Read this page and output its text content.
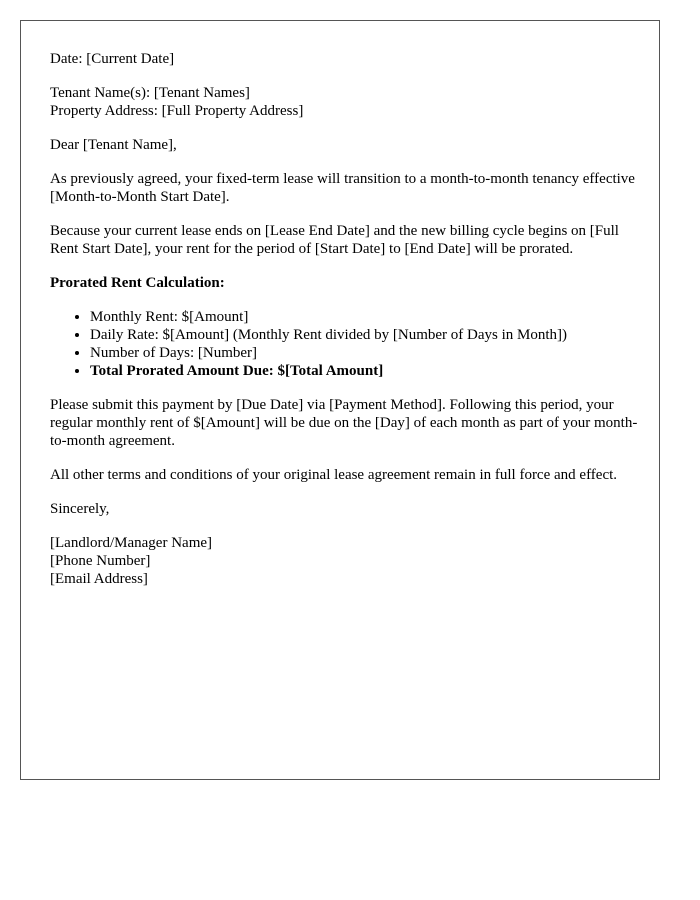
Date: [Current Date]

Tenant Name(s): [Tenant Names]
Property Address: [Full Property Address]

Dear [Tenant Name],

As previously agreed, your fixed-term lease will transition to a month-to-month tenancy effective [Month-to-Month Start Date].

Because your current lease ends on [Lease End Date] and the new billing cycle begins on [Full Rent Start Date], your rent for the period of [Start Date] to [End Date] will be prorated.

Prorated Rent Calculation:

• Monthly Rent: $[Amount]
• Daily Rate: $[Amount] (Monthly Rent divided by [Number of Days in Month])
• Number of Days: [Number]
• Total Prorated Amount Due: $[Total Amount]

Please submit this payment by [Due Date] via [Payment Method]. Following this period, your regular monthly rent of $[Amount] will be due on the [Day] of each month as part of your month-to-month agreement.

All other terms and conditions of your original lease agreement remain in full force and effect.

Sincerely,

[Landlord/Manager Name]
[Phone Number]
[Email Address]
